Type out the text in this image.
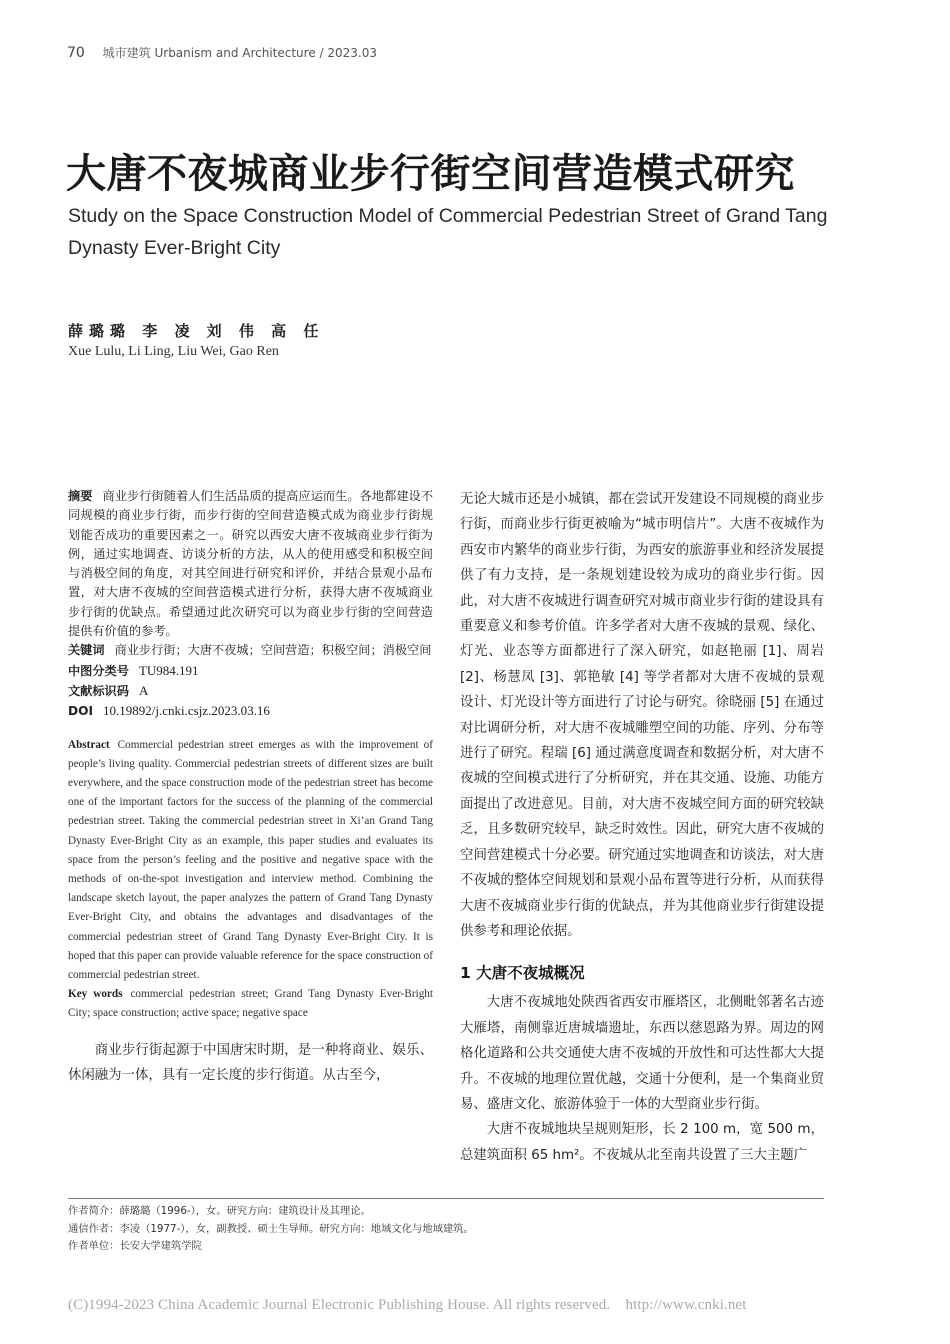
70 城市建筑 Urbanism and Architecture / 2023.03
大唐不夜城商业步行街空间营造模式研究
Study on the Space Construction Model of Commercial Pedestrian Street of Grand Tang Dynasty Ever-Bright City
薛璐璐 李 凌 刘 伟 高 任
Xue Lulu, Li Ling, Liu Wei, Gao Ren
摘要 商业步行街随着人们生活品质的提高应运而生。各地都建设不同规模的商业步行街，而步行街的空间营造模式成为商业步行街规划能否成功的重要因素之一。研究以西安大唐不夜城商业步行街为例，通过实地调查、访谈分析的方法，从人的使用感受和积极空间与消极空间的角度，对其空间进行研究和评价，并结合景观小品布置，对大唐不夜城的空间营造模式进行分析，获得大唐不夜城商业步行街的优缺点。希望通过此次研究可以为商业步行街的空间营造提供有价值的参考。
关键词 商业步行街；大唐不夜城；空间营造；积极空间；消极空间
中图分类号 TU984.191
文献标识码 A
DOI 10.19892/j.cnki.csjz.2023.03.16
Abstract Commercial pedestrian street emerges as with the improvement of people’s living quality. Commercial pedestrian streets of different sizes are built everywhere, and the space construction mode of the pedestrian street has become one of the important factors for the success of the planning of the commercial pedestrian street. Taking the commercial pedestrian street in Xi’an Grand Tang Dynasty Ever-Bright City as an example, this paper studies and evaluates its space from the person’s feeling and the positive and negative space with the methods of on-the-spot investigation and interview method. Combining the landscape sketch layout, the paper analyzes the pattern of Grand Tang Dynasty Ever-Bright City, and obtains the advantages and disadvantages of the commercial pedestrian street of Grand Tang Dynasty Ever-Bright City. It is hoped that this paper can provide valuable reference for the space construction of commercial pedestrian street.
Key words commercial pedestrian street; Grand Tang Dynasty Ever-Bright City; space construction; active space; negative space

商业步行街起源于中国唐宋时期，是一种将商业、娱乐、休闲融为一体，具有一定长度的步行街道。从古至今，

无论大城市还是小城镇，都在尝试开发建设不同规模的商业步行街，而商业步行街更被喻为“城市明信片”。大唐不夜城作为西安市内繁华的商业步行街，为西安的旅游事业和经济发展提供了有力支持，是一条规划建设较为成功的商业步行街。因此，对大唐不夜城进行调查研究对城市商业步行街的建设具有重要意义和参考价值。许多学者对大唐不夜城的景观、绿化、灯光、业态等方面都进行了深入研究，如赵艳丽 [1]、周岩 [2]、杨慧凤 [3]、郭艳敏 [4] 等学者都对大唐不夜城的景观设计、灯光设计等方面进行了讨论与研究。徐晓丽 [5] 在通过对比调研分析，对大唐不夜城雕塑空间的功能、序列、分布等进行了研究。程瑞 [6] 通过满意度调查和数据分析，对大唐不夜城的空间模式进行了分析研究，并在其交通、设施、功能方面提出了改进意见。目前，对大唐不夜城空间方面的研究较缺乏，且多数研究较早，缺乏时效性。因此，研究大唐不夜城的空间营建模式十分必要。研究通过实地调查和访谈法，对大唐不夜城的整体空间规划和景观小品布置等进行分析，从而获得大唐不夜城商业步行街的优缺点，并为其他商业步行街建设提供参考和理论依据。

1 大唐不夜城概况

大唐不夜城地处陕西省西安市雁塔区，北侧毗邻著名古迹大雁塔，南侧靠近唐城墙遗址，东西以慈恩路为界。周边的网格化道路和公共交通使大唐不夜城的开放性和可达性都大大提升。不夜城的地理位置优越，交通十分便利，是一个集商业贸易、盛唐文化、旅游体验于一体的大型商业步行街。

大唐不夜城地块呈规则矩形，长 2 100 m，宽 500 m，总建筑面积 65 hm²。不夜城从北至南共设置了三大主题广

作者简介：薛璐璐（1996-），女。研究方向：建筑设计及其理论。
通信作者：李凌（1977-），女，副教授、硕士生导师。研究方向：地域文化与地域建筑。
作者单位：长安大学建筑学院
(C)1994-2023 China Academic Journal Electronic Publishing House. All rights reserved.    http://www.cnki.net
